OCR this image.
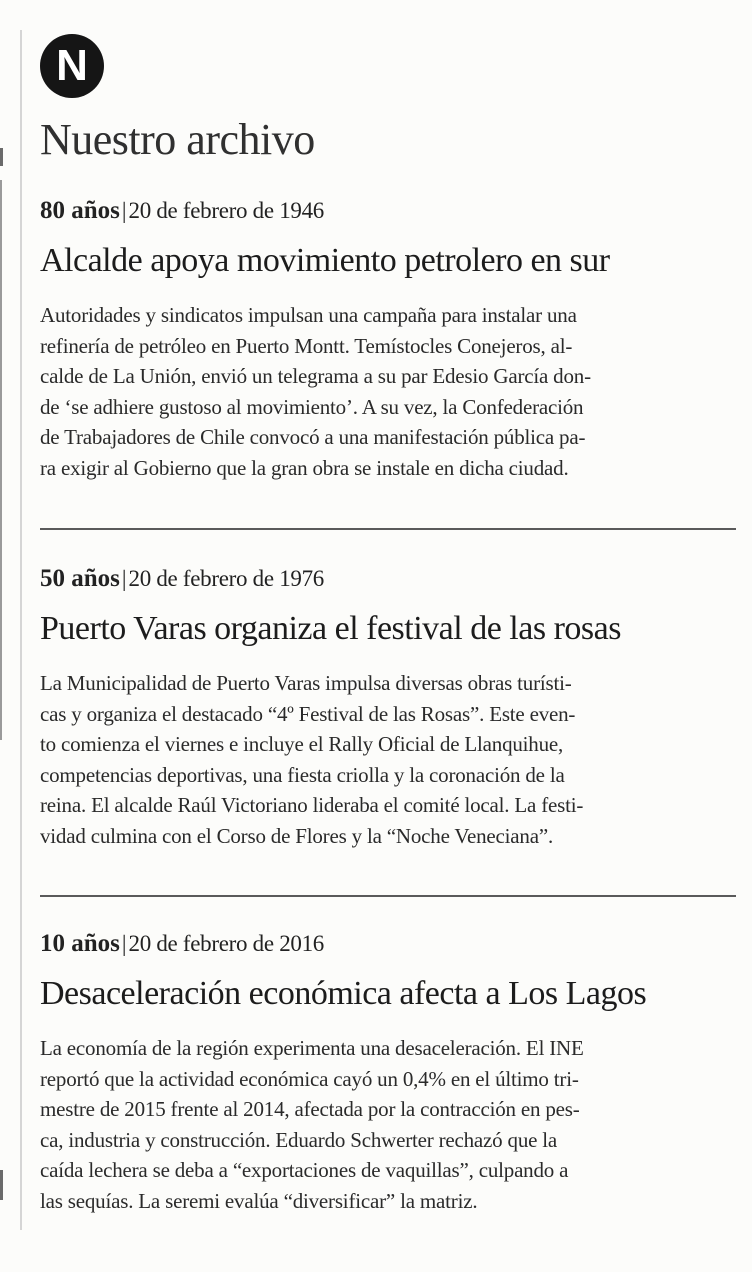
N
Nuestro archivo
80 años|20 de febrero de 1946
Alcalde apoya movimiento petrolero en sur
Autoridades y sindicatos impulsan una campaña para instalar una
refinería de petróleo en Puerto Montt. Temístocles Conejeros, al-
calde de La Unión, envió un telegrama a su par Edesio García don-
de ‘se adhiere gustoso al movimiento’. A su vez, la Confederación
de Trabajadores de Chile convocó a una manifestación pública pa-
ra exigir al Gobierno que la gran obra se instale en dicha ciudad.
50 años|20 de febrero de 1976
Puerto Varas organiza el festival de las rosas
La Municipalidad de Puerto Varas impulsa diversas obras turísti-
cas y organiza el destacado “4º Festival de las Rosas”. Este even-
to comienza el viernes e incluye el Rally Oficial de Llanquihue,
competencias deportivas, una fiesta criolla y la coronación de la
reina. El alcalde Raúl Victoriano lideraba el comité local. La festi-
vidad culmina con el Corso de Flores y la “Noche Veneciana”.
10 años|20 de febrero de 2016
Desaceleración económica afecta a Los Lagos
La economía de la región experimenta una desaceleración. El INE
reportó que la actividad económica cayó un 0,4% en el último tri-
mestre de 2015 frente al 2014, afectada por la contracción en pes-
ca, industria y construcción. Eduardo Schwerter rechazó que la
caída lechera se deba a “exportaciones de vaquillas”, culpando a
las sequías. La seremi evalúa “diversificar” la matriz.
